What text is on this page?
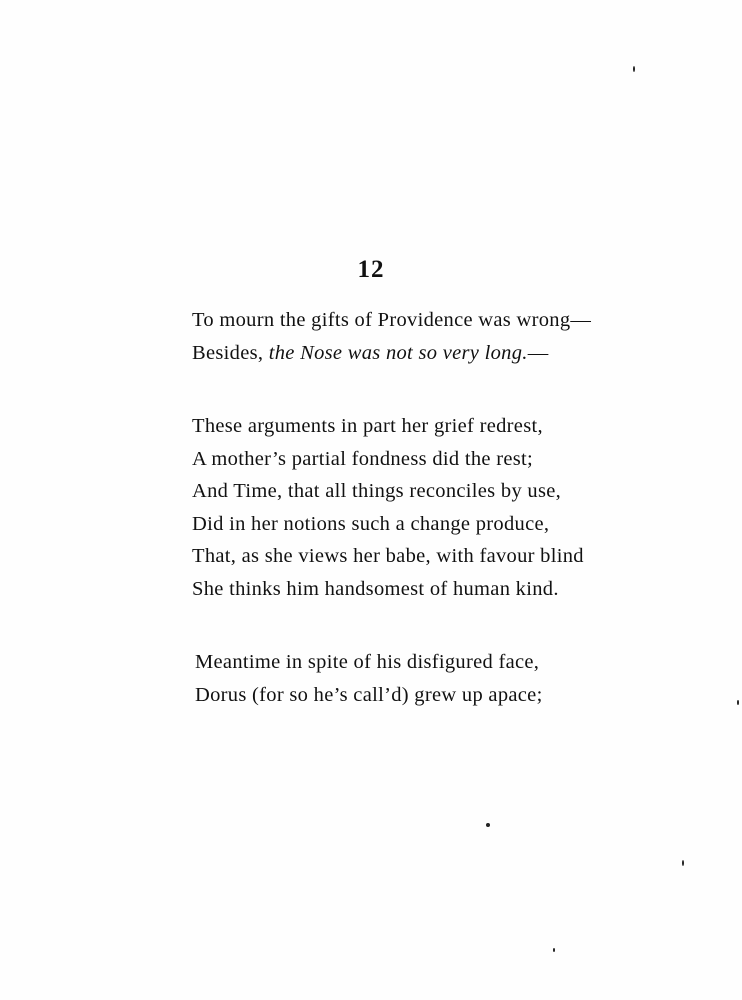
12
To mourn the gifts of Providence was wrong—
Besides, the Nose was not so very long.—
These arguments in part her grief redrest,
A mother’s partial fondness did the rest;
And Time, that all things reconciles by use,
Did in her notions such a change produce,
That, as she views her babe, with favour blind
She thinks him handsomest of human kind.
Meantime in spite of his disfigured face,
Dorus (for so he’s call’d) grew up apace;
